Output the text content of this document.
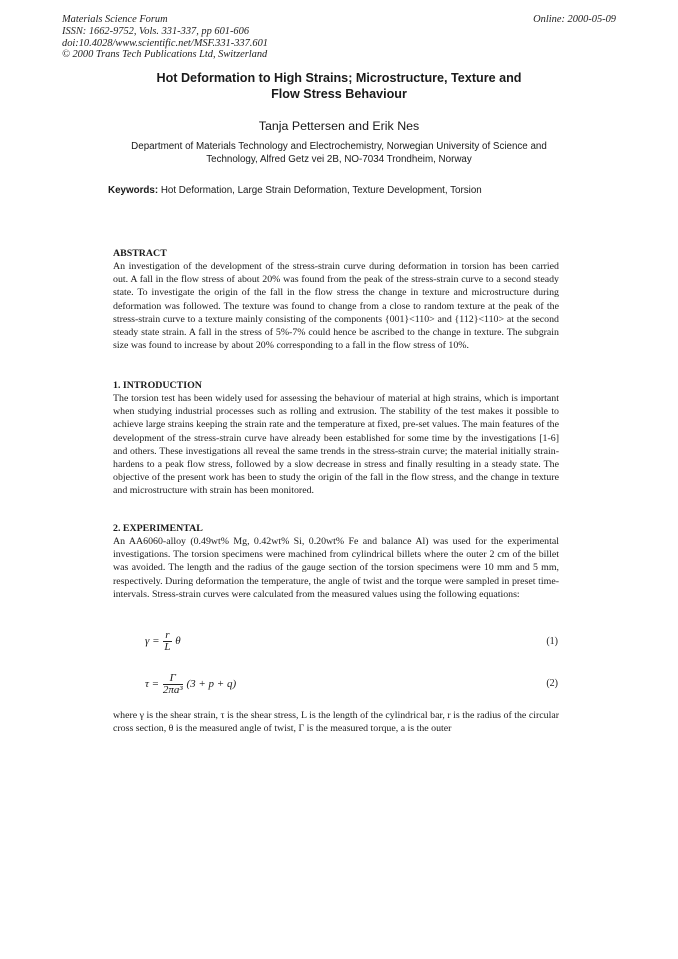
Materials Science Forum
ISSN: 1662-9752, Vols. 331-337, pp 601-606
doi:10.4028/www.scientific.net/MSF.331-337.601
© 2000 Trans Tech Publications Ltd, Switzerland
Online: 2000-05-09
Hot Deformation to High Strains; Microstructure, Texture and
Flow Stress Behaviour
Tanja Pettersen and Erik Nes
Department of Materials Technology and Electrochemistry, Norwegian University of Science and
Technology, Alfred Getz vei 2B, NO-7034 Trondheim, Norway
Keywords: Hot Deformation, Large Strain Deformation, Texture Development, Torsion
ABSTRACT
An investigation of the development of the stress-strain curve during deformation in torsion has been carried out. A fall in the flow stress of about 20% was found from the peak of the stress-strain curve to a second steady state. To investigate the origin of the fall in the flow stress the change in texture and microstructure during deformation was followed. The texture was found to change from a close to random texture at the peak of the stress-strain curve to a texture mainly consisting of the components {001}<110> and {112}<110> at the second steady state strain. A fall in the stress of 5%-7% could hence be ascribed to the change in texture. The subgrain size was found to increase by about 20% corresponding to a fall in the flow stress of 10%.
1. INTRODUCTION
The torsion test has been widely used for assessing the behaviour of material at high strains, which is important when studying industrial processes such as rolling and extrusion. The stability of the test makes it possible to achieve large strains keeping the strain rate and the temperature at fixed, pre-set values. The main features of the development of the stress-strain curve have already been established for some time by the investigations [1-6] and others. These investigations all reveal the same trends in the stress-strain curve; the material initially strain-hardens to a peak flow stress, followed by a slow decrease in stress and finally resulting in a steady state. The objective of the present work has been to study the origin of the fall in the flow stress, and the change in texture and microstructure with strain has been monitored.
2. EXPERIMENTAL
An AA6060-alloy (0.49wt% Mg, 0.42wt% Si, 0.20wt% Fe and balance Al) was used for the experimental investigations. The torsion specimens were machined from cylindrical billets where the outer 2 cm of the billet was avoided. The length and the radius of the gauge section of the torsion specimens were 10 mm and 5 mm, respectively. During deformation the temperature, the angle of twist and the torque were sampled in preset time-intervals. Stress-strain curves were calculated from the measured values using the following equations:
$\gamma = \frac{r}{L}$ θ	(1)
$\tau = \frac{\Gamma}{\text{2πa³}} (3 + p + q)$	(2)
where γ is the shear strain, τ is the shear stress, L is the length of the cylindrical bar, r is the radius of the circular cross section, θ is the measured angle of twist, Γ is the measured torque, a is the outer
